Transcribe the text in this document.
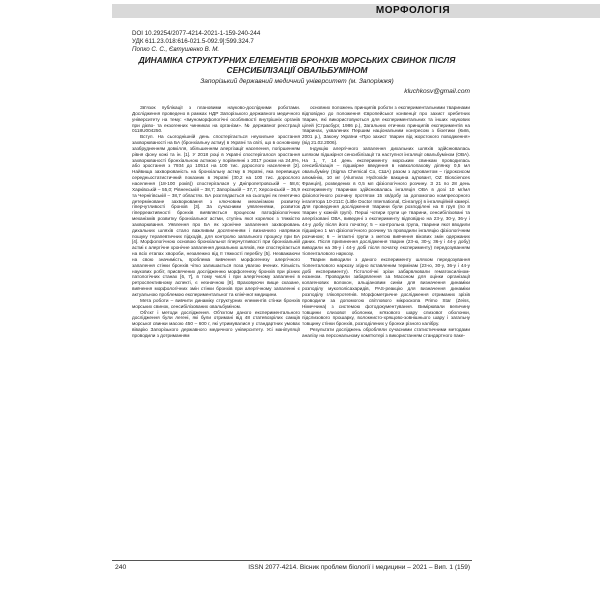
МОРФОЛОГІЯ
DOI 10.29254/2077-4214-2021-1-159-240-244
УДК 611.23.018:616-021.5-092.9]:599.324.7
Попко С. С., Євтушенко В. М.
ДИНАМІКА СТРУКТУРНИХ ЕЛЕМЕНТІВ БРОНХІВ МОРСЬКИХ СВИНОК ПІСЛЯ СЕНСИБІЛІЗАЦІЇ ОВАЛЬБУМІНОМ
Запорізький державний медичний університет (м. Запоріжжя)
kluchkosv@gmail.com

Зв'язок публікації з плановими науково-дослідними роботами. Дослідження проведено в рамках НДР Запорізького державного медичного університету на тему: «Імуноморфологічні особливості внутрішніх органів при дієво- та екзогенних чинниках на організм». № державної реєстрації 0118U004250.

Вступ. На сьогоднішній день спостерігається неухильне зростання захворюваності на БА (бронхіальну астму) в Україні та світі, що в основному зазбрудненням довкілля, збільшенням алергізації населення, погіршенням рівня фону кожі та ін. [1]. У 2018 році в Україні спостерігалося зростання захворюваності бронхіальною астмою у порівнянні з 2017 роком на 24,8%, або зростання з 7934 до 10514 на 100 тис. дорослого населення [2]. Найвища захворюваність на бронхіальну астму в Україні, яка перевищує середньостатистичний показник в Україні (30,2 на 100 тис. дорослого населення (18-100 років)) спостерігалася у Дніпропетровській – 58,6; Харківській – 55,0; Рівненській – 38,7; Запорізькій – 37,7; Херсонській – 36,9 та Чернігівській – 38,7 областях. БА розглядається на сьогодні як генетично детерміноване захворювання з ключовим механізмом розвитку гіперчутливості бронхів [3]. За сучасними уявленнями, розвиток гіперреактивності бронхів виявляється процесом патофізіологічних механізмів розвитку бронхіальної астми, ступінь якої корелює з тяжкістю захворювання. Уявлення про БА як хронічне запалення захворювань дихальних шляхів стало важливим досягненням і визначило напрямок пошуку терапевтичних підходів, для контролю запального процесу при БА [4]. Морфологічною основою бронхіальної гіперчутливості при бронхіальній астмі є алергічне хронічне запалення дихальних шляхів, яке спостерігається на всіх етапах хвороби, незалежно від її тяжкості перебігу [5]. Незважаючи на свою значимість, проблема вивчення морфогенезу алергічного запалення стінки бронхів чітко залишається поза увагою вчених. Кількість наукових робіт, присвячених дослідженню морфогенезу бронхів при різних патологічних станах [6, 7], в тому числі і при алергічному запаленні в ретроспективному аспекті, є незначною [8]. Враховуючи вище сказане, вивчення морфологічних змін стінки бронхів при алергічному запаленні є актуальною проблемою експериментальної та клінічної медицини.

Мета роботи – вивчити динаміку структурних елементів стінки бронхів морських свинок, сенсибілізованих овальбуміном.

Об'єкт і методи дослідження. Об'єктом даного експериментального дослідження були легені, які були отримані від 48 статевозрілих самців морської свинки масою 450 – 600 г, які утримувалися у стандартних умовах віварію Запорізького державного медичного університету. Усі маніпуляції проводили з дотриманням

основних положень принципів роботи з експериментальними тваринами відповідно до положення Європейської конвенції про захист хребетних тварин, які використовуються для експериментальних та інших наукових цілей (Страсбург, 1986 р.), Загальних етичних принципів експериментів на тваринах, ухвалених Першим національним конгресом з біоетики (Київ, 2001 р.), Закону України «Про захист тварин від жорстокого поводження» (від 21.02.2006).

Індукцію алергічного запалення дихальних шляхів здійснювалась шляхом підшкірної сенсибілізації та наступної інгаляції овальбуміном (ОВА). На 1, 7, 14 день експерименту морським свинкам проводилась сенсибілізація – підшкірне введення в навколопахову ділянку 0,5 мл овальбуміну (Sigma Chemical Co, США) разом з ад'ювантом – гідроксисом алюмінію, 10 мг (Alumvax Hydroxide вакцина ад'ювант, OZ Biosciences Франція), розведених в 0,5 мл фізіологічного розчину. З 21 по 28 день експерименту тваринам здійснювалась інгаляція ОВА в дозі 10 мг/мл фізіологічного розчину протягом 15 хв/добу за допомогою компресорного інгалятора 10-211C (Little Doctor International, Сінгапур) в інгаляційній камері. Для проведення дослідження тварини були розподілені на 8 груп (по 8 тварин у кожній групі). Перші чотири групи це тварини, сенсибілізовані та алергізовані ОВА, виведені з експерименту відповідно на 23-у, 30-у, 36-у і 44-у добу після його початку; 5 – контрольна група, тварини якої вводили підшкірно 1 мл фізіологічного розчину та проводили інгаляцію фізіологічним розчином; 6 – інтактні групи з метою вивчення вікових змін одержаних даних. Після припинення дослідження тварин (23-ю, 30-у, 36-у і 44-у добу) виводили на 36-у і 44-у добі після початку експерименту) передозуванням тіопенталового наркозу.

Тварин виводили з даного експерименту шляхом передозування тіопенталового наркозу згідно вставленим термінам (23-ю, 30-у, 36-у і 44-у добі експерименту). Гістологічні зрізи забарвлювали гематоксиліном-еозином. Проводили забарвлення за Масоном для оцінки організації колагенових волокон, альціановим синім для визначення динаміки розподілу мукополісахаридів, PAS-реакцію для визначення динаміки розподілу глікопротеїнів. Морфометричне дослідження отриманих зрізів проводили за допомогою світлового мікроскопа Primo Star (Zeiss, Німеччина) з системою фотодокументування. Вимірювали величину товщини слизової оболонки, м'язового шару слизової оболонки, підслизового прошарку, волокнисто-хрящово-зовнішнього шару і загальну товщину стінки бронхів, розподілених у бронхи різного калібру.

Результати досліджень обробляли сучасними статистичними методами аналізу на персональному комп'ютері з використанням стандартного паке-

240	ISSN 2077-4214. Вісник проблем біології і медицини – 2021 – Вип. 1 (159)
